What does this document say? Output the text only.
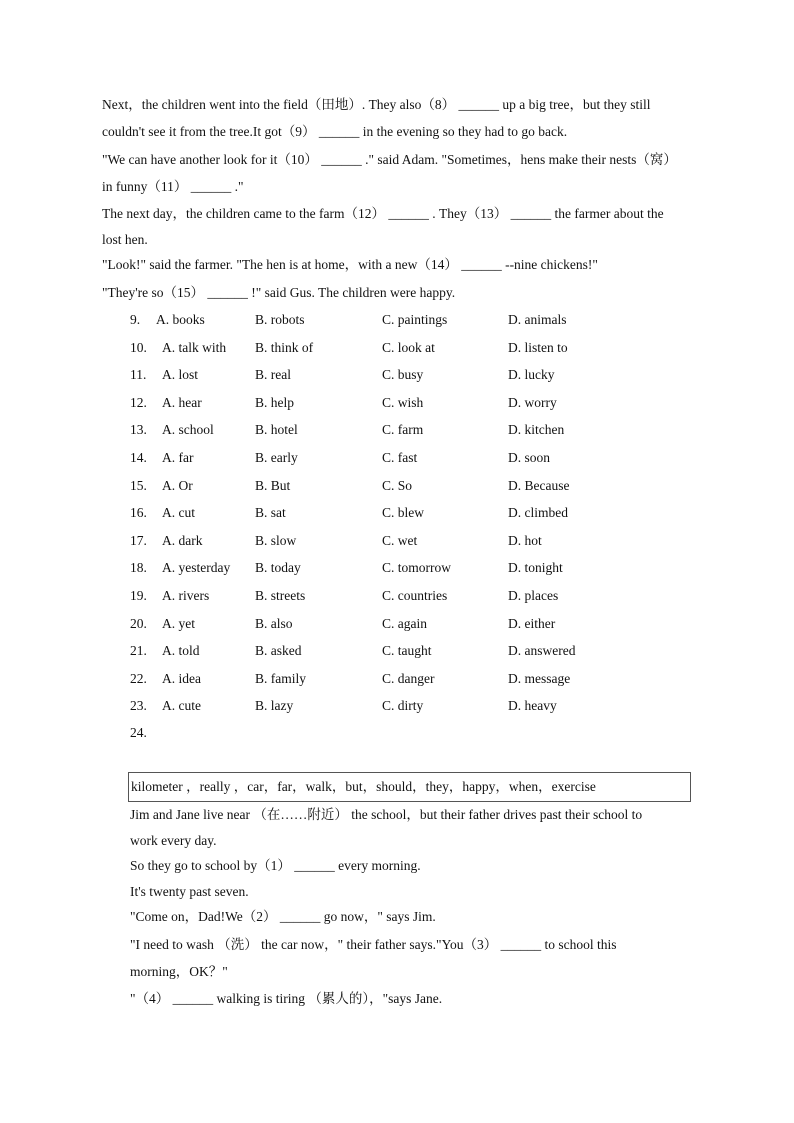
Next，the children went into the field（田地）. They also（8） ______ up a big tree，but they still
couldn't see it from the tree.It got（9） ______ in the evening so they had to go back.
"We can have another look for it（10） ______ ." said Adam. "Sometimes，hens make their nests（窝）
in funny（11） ______ ."
The next day，the children came to the farm（12） ______ . They（13） ______ the farmer about the
lost hen.
"Look!" said the farmer. "The hen is at home，with a new（14） ______ --nine chickens!"
"They're so（15） ______ !" said Gus. The children were happy.
9. A. books	B. robots	C. paintings	D. animals
10. A. talk with B. think of	C. look at	D. listen to
11. A. lost	B. real	C. busy	D. lucky
12. A. hear	B. help	C. wish	D. worry
13. A. school	B. hotel	C. farm	D. kitchen
14. A. far	B. early	C. fast	D. soon
15. A. Or	B. But	C. So	D. Because
16. A. cut	B. sat	C. blew	D. climbed
17. A. dark	B. slow	C. wet	D. hot
18. A. yesterday B. today	C. tomorrow	D. tonight
19. A. rivers	B. streets	C. countries	D. places
20. A. yet	B. also	C. again	D. either
21. A. told	B. asked	C. taught	D. answered
22. A. idea	B. family	C. danger	D. message
23. A. cute	B. lazy	C. dirty	D. heavy
24.
kilometer ，really ，car，far，walk，but，should，they，happy，when，exercise
Jim and Jane live near （在……附近） the school，but their father drives past their school to
work every day.
So they go to school by（1） ______ every morning.
It's twenty past seven.
"Come on，Dad!We（2） ______ go now，" says Jim.
"I need to wash （洗） the car now，" their father says."You（3） ______ to school this
morning，OK？"
"（4） ______ walking is tiring （累人的），"says Jane.
